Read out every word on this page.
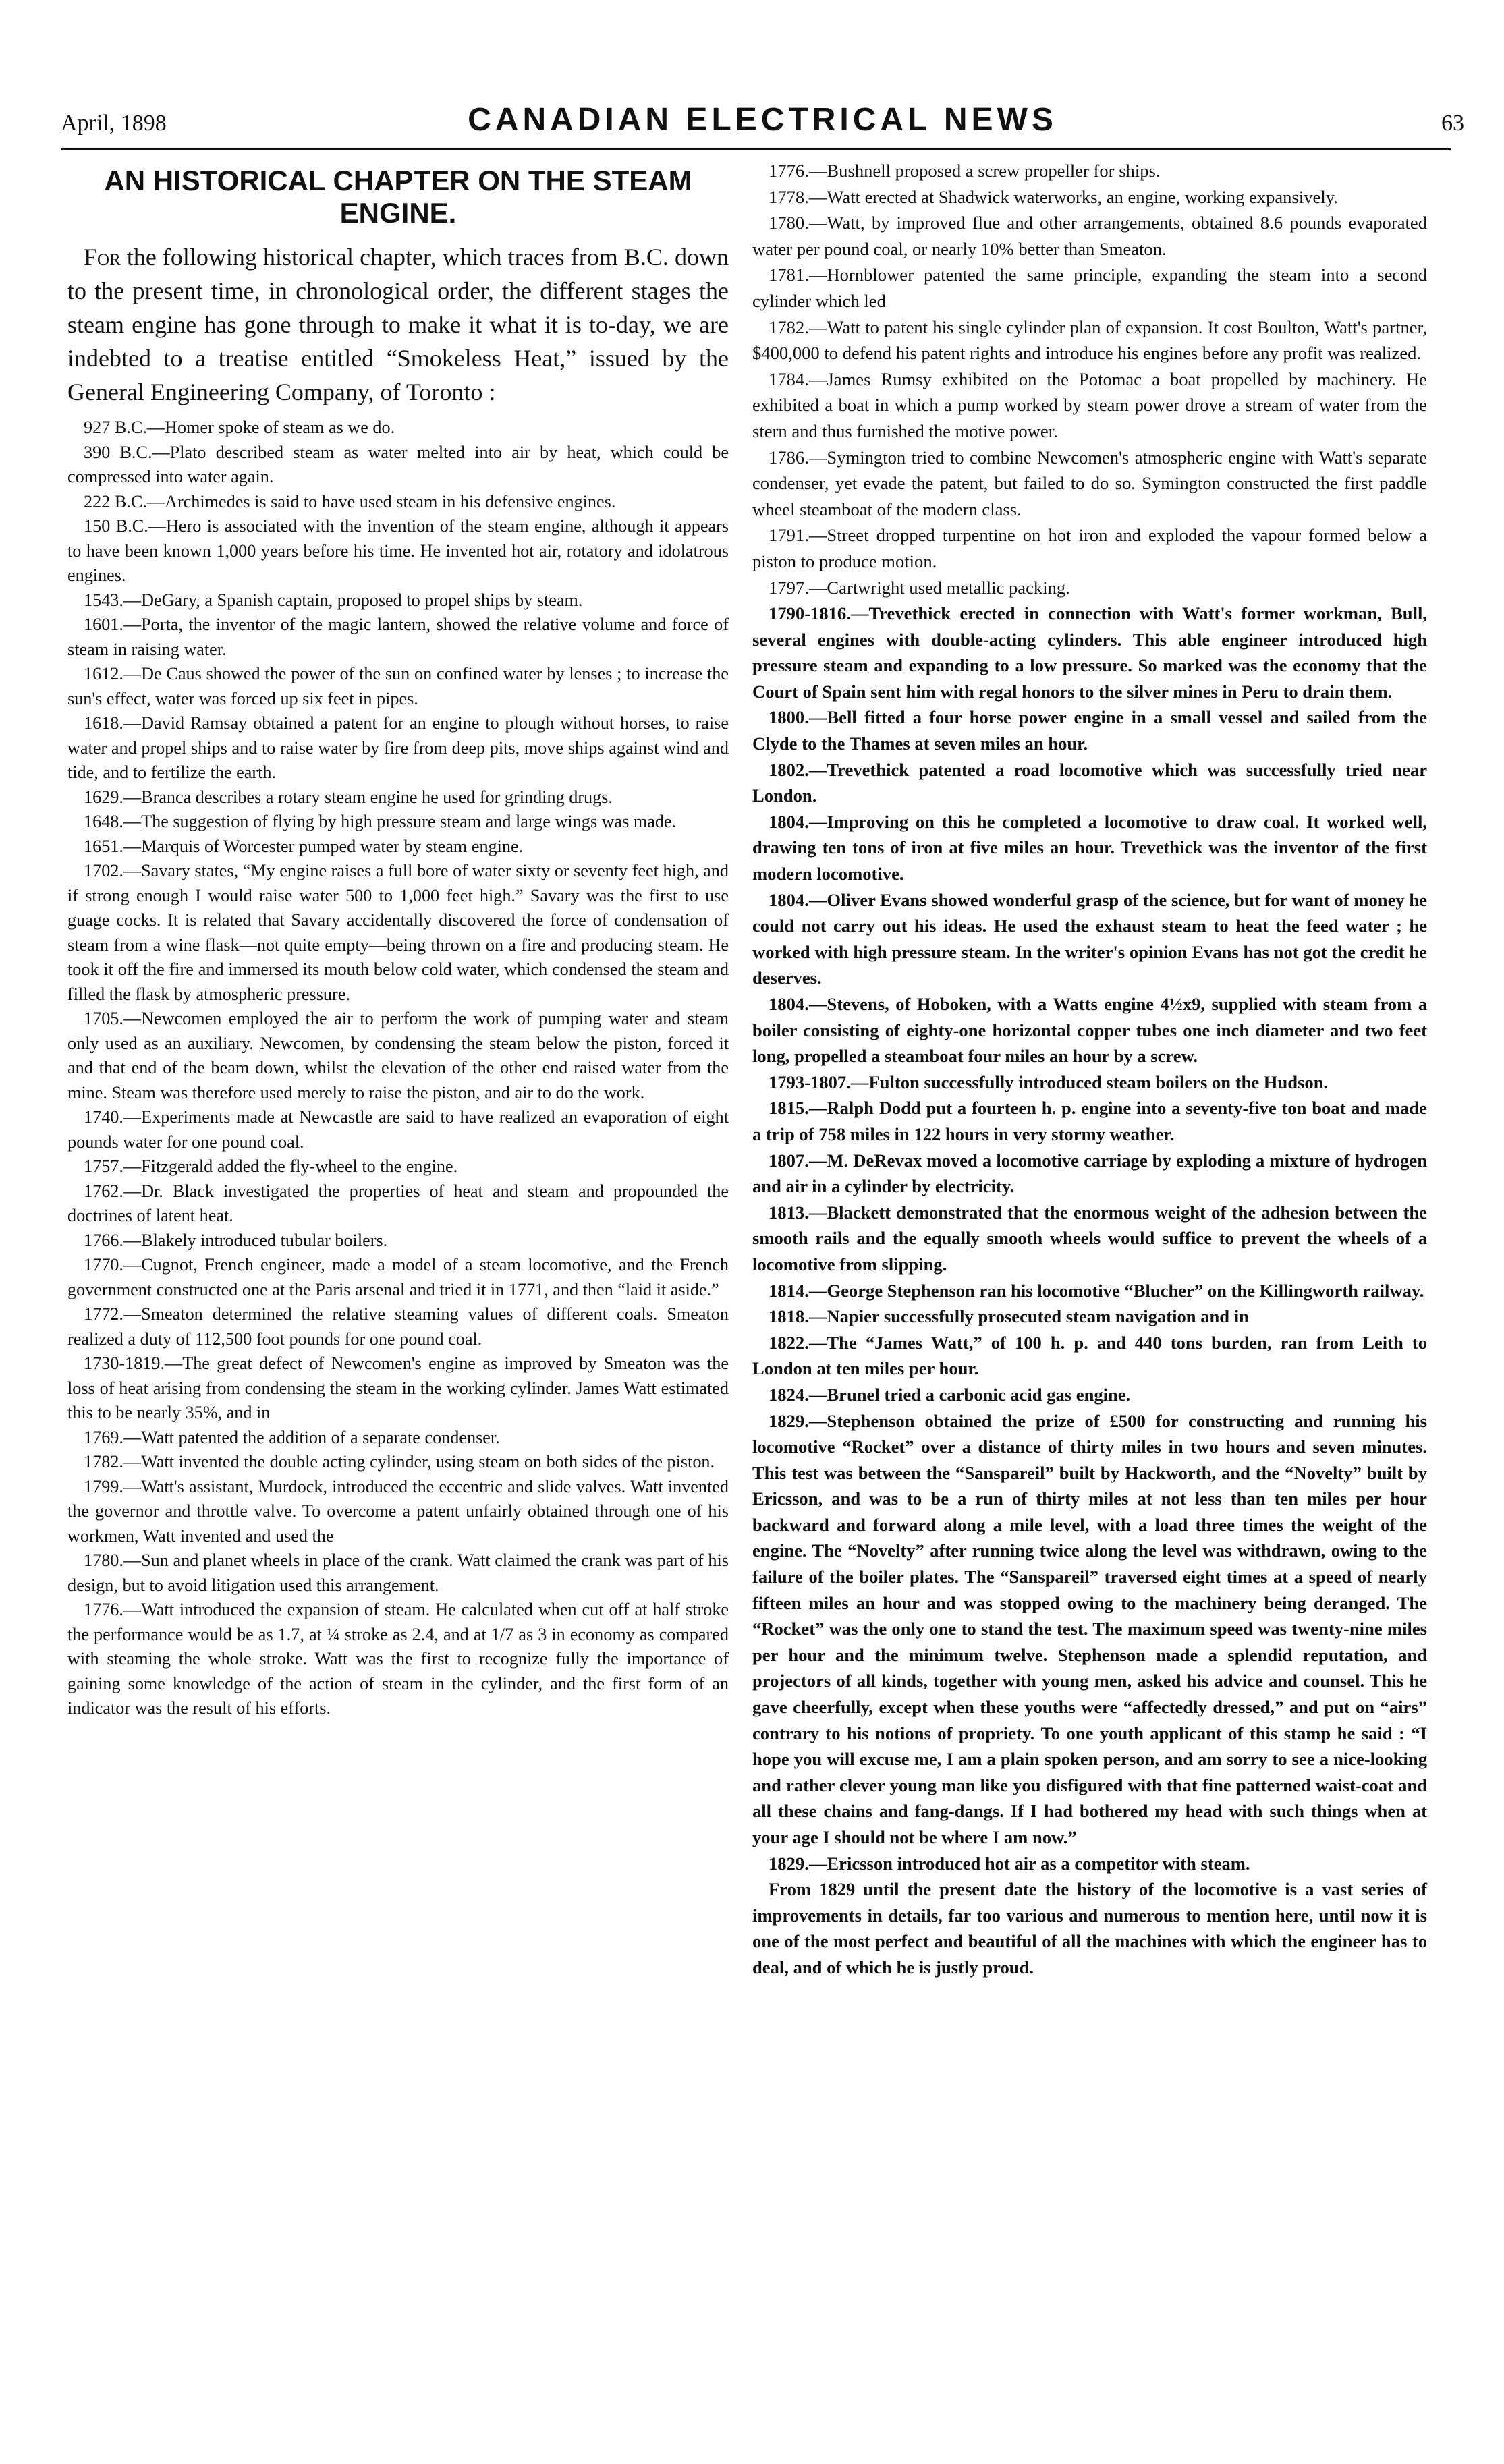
April, 1898	CANADIAN ELECTRICAL NEWS	63
AN HISTORICAL CHAPTER ON THE STEAM ENGINE.

For the following historical chapter, which traces from B.C. down to the present time, in chronological order, the different stages the steam engine has gone through to make it what it is to-day, we are indebted to a treatise entitled “Smokeless Heat,” issued by the General Engineering Company, of Toronto :

927 B.C.—Homer spoke of steam as we do.

390 B.C.—Plato described steam as water melted into air by heat, which could be compressed into water again.

222 B.C.—Archimedes is said to have used steam in his defensive engines.

150 B.C.—Hero is associated with the invention of the steam engine, although it appears to have been known 1,000 years before his time. He invented hot air, rotatory and idolatrous engines.

1543.—DeGary, a Spanish captain, proposed to propel ships by steam.

1601.—Porta, the inventor of the magic lantern, showed the relative volume and force of steam in raising water.

1612.—De Caus showed the power of the sun on confined water by lenses ; to increase the sun's effect, water was forced up six feet in pipes.

1618.—David Ramsay obtained a patent for an engine to plough without horses, to raise water and propel ships and to raise water by fire from deep pits, move ships against wind and tide, and to fertilize the earth.

1629.—Branca describes a rotary steam engine he used for grinding drugs.

1648.—The suggestion of flying by high pressure steam and large wings was made.

1651.—Marquis of Worcester pumped water by steam engine.

1702.—Savary states, “My engine raises a full bore of water sixty or seventy feet high, and if strong enough I would raise water 500 to 1,000 feet high.” Savary was the first to use guage cocks. It is related that Savary accidentally discovered the force of condensation of steam from a wine flask—not quite empty—being thrown on a fire and producing steam. He took it off the fire and immersed its mouth below cold water, which condensed the steam and filled the flask by atmospheric pressure.

1705.—Newcomen employed the air to perform the work of pumping water and steam only used as an auxiliary. Newcomen, by condensing the steam below the piston, forced it and that end of the beam down, whilst the elevation of the other end raised water from the mine. Steam was therefore used merely to raise the piston, and air to do the work.

1740.—Experiments made at Newcastle are said to have realized an evaporation of eight pounds water for one pound coal.

1757.—Fitzgerald added the fly-wheel to the engine.

1762.—Dr. Black investigated the properties of heat and steam and propounded the doctrines of latent heat.

1766.—Blakely introduced tubular boilers.

1770.—Cugnot, French engineer, made a model of a steam locomotive, and the French government constructed one at the Paris arsenal and tried it in 1771, and then “laid it aside.”

1772.—Smeaton determined the relative steaming values of different coals. Smeaton realized a duty of 112,500 foot pounds for one pound coal.

1730-1819.—The great defect of Newcomen's engine as improved by Smeaton was the loss of heat arising from condensing the steam in the working cylinder. James Watt estimated this to be nearly 35%, and in

1769.—Watt patented the addition of a separate condenser.

1782.—Watt invented the double acting cylinder, using steam on both sides of the piston.

1799.—Watt's assistant, Murdock, introduced the eccentric and slide valves. Watt invented the governor and throttle valve. To overcome a patent unfairly obtained through one of his workmen, Watt invented and used the

1780.—Sun and planet wheels in place of the crank. Watt claimed the crank was part of his design, but to avoid litigation used this arrangement.

1776.—Watt introduced the expansion of steam. He calculated when cut off at half stroke the performance would be as 1.7, at ¼ stroke as 2.4, and at 1/7 as 3 in economy as compared with steaming the whole stroke. Watt was the first to recognize fully the importance of gaining some knowledge of the action of steam in the cylinder, and the first form of an indicator was the result of his efforts.

1776.—Bushnell proposed a screw propeller for ships.

1778.—Watt erected at Shadwick waterworks, an engine, working expansively.

1780.—Watt, by improved flue and other arrangements, obtained 8.6 pounds evaporated water per pound coal, or nearly 10% better than Smeaton.

1781.—Hornblower patented the same principle, expanding the steam into a second cylinder which led

1782.—Watt to patent his single cylinder plan of expansion. It cost Boulton, Watt's partner, $400,000 to defend his patent rights and introduce his engines before any profit was realized.

1784.—James Rumsy exhibited on the Potomac a boat propelled by machinery. He exhibited a boat in which a pump worked by steam power drove a stream of water from the stern and thus furnished the motive power.

1786.—Symington tried to combine Newcomen's atmospheric engine with Watt's separate condenser, yet evade the patent, but failed to do so. Symington constructed the first paddle wheel steamboat of the modern class.

1791.—Street dropped turpentine on hot iron and exploded the vapour formed below a piston to produce motion.

1797.—Cartwright used metallic packing.

1790-1816.—Trevethick erected in connection with Watt's former workman, Bull, several engines with double-acting cylinders. This able engineer introduced high pressure steam and expanding to a low pressure. So marked was the economy that the Court of Spain sent him with regal honors to the silver mines in Peru to drain them.

1800.—Bell fitted a four horse power engine in a small vessel and sailed from the Clyde to the Thames at seven miles an hour.

1802.—Trevethick patented a road locomotive which was successfully tried near London.

1804.—Improving on this he completed a locomotive to draw coal. It worked well, drawing ten tons of iron at five miles an hour. Trevethick was the inventor of the first modern locomotive.

1804.—Oliver Evans showed wonderful grasp of the science, but for want of money he could not carry out his ideas. He used the exhaust steam to heat the feed water ; he worked with high pressure steam. In the writer's opinion Evans has not got the credit he deserves.

1804.—Stevens, of Hoboken, with a Watts engine 4½x9, supplied with steam from a boiler consisting of eighty-one horizontal copper tubes one inch diameter and two feet long, propelled a steamboat four miles an hour by a screw.

1793-1807.—Fulton successfully introduced steam boilers on the Hudson.

1815.—Ralph Dodd put a fourteen h. p. engine into a seventy-five ton boat and made a trip of 758 miles in 122 hours in very stormy weather.

1807.—M. DeRevax moved a locomotive carriage by exploding a mixture of hydrogen and air in a cylinder by electricity.

1813.—Blackett demonstrated that the enormous weight of the adhesion between the smooth rails and the equally smooth wheels would suffice to prevent the wheels of a locomotive from slipping.

1814.—George Stephenson ran his locomotive “Blucher” on the Killingworth railway.

1818.—Napier successfully prosecuted steam navigation and in

1822.—The “James Watt,” of 100 h. p. and 440 tons burden, ran from Leith to London at ten miles per hour.

1824.—Brunel tried a carbonic acid gas engine.

1829.—Stephenson obtained the prize of £500 for constructing and running his locomotive “Rocket” over a distance of thirty miles in two hours and seven minutes. This test was between the “Sanspareil” built by Hackworth, and the “Novelty” built by Ericsson, and was to be a run of thirty miles at not less than ten miles per hour backward and forward along a mile level, with a load three times the weight of the engine. The “Novelty” after running twice along the level was withdrawn, owing to the failure of the boiler plates. The “Sanspareil” traversed eight times at a speed of nearly fifteen miles an hour and was stopped owing to the machinery being deranged. The “Rocket” was the only one to stand the test. The maximum speed was twenty-nine miles per hour and the minimum twelve. Stephenson made a splendid reputation, and projectors of all kinds, together with young men, asked his advice and counsel. This he gave cheerfully, except when these youths were “affectedly dressed,” and put on “airs” contrary to his notions of propriety. To one youth applicant of this stamp he said : “I hope you will excuse me, I am a plain spoken person, and am sorry to see a nice-looking and rather clever young man like you disfigured with that fine patterned waist-coat and all these chains and fang-dangs. If I had bothered my head with such things when at your age I should not be where I am now.”

1829.—Ericsson introduced hot air as a competitor with steam.

From 1829 until the present date the history of the locomotive is a vast series of improvements in details, far too various and numerous to mention here, until now it is one of the most perfect and beautiful of all the machines with which the engineer has to deal, and of which he is justly proud.
